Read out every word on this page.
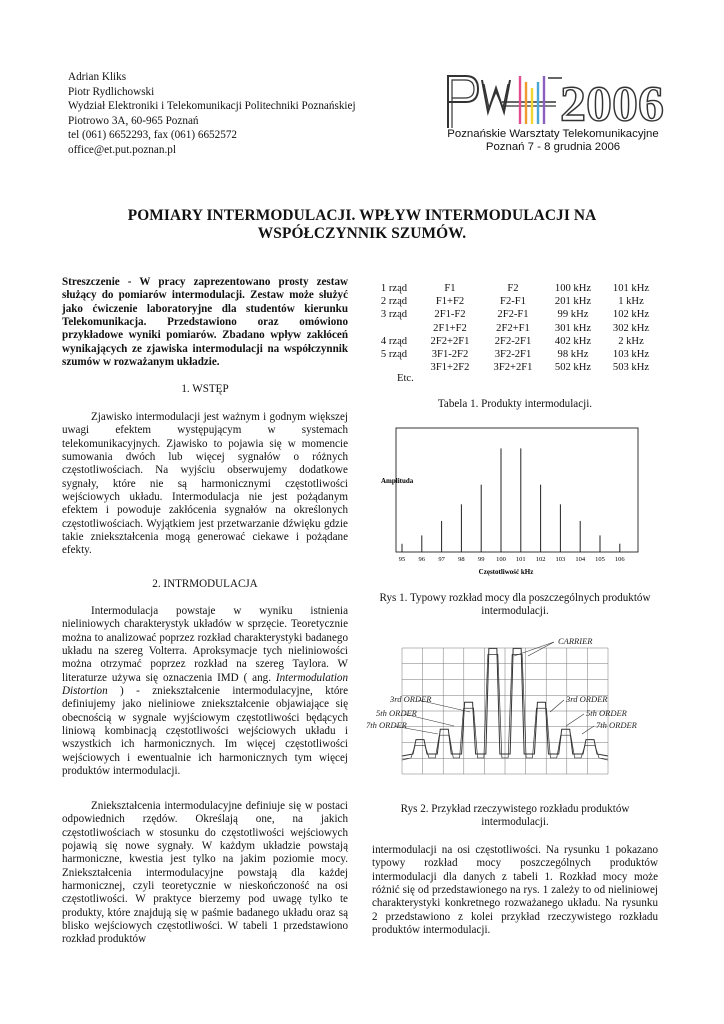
Adrian Kliks
Piotr Rydlichowski
Wydział Elektroniki i Telekomunikacji Politechniki Poznańskiej
Piotrowo 3A, 60-965 Poznań
tel (061) 6652293, fax (061) 6652572
office@et.put.poznan.pl
2006
Poznańskie Warsztaty Telekomunikacyjne
Poznań 7 - 8 grudnia 2006
POMIARY INTERMODULACJI. WPŁYW INTERMODULACJI NA
WSPÓŁCZYNNIK SZUMÓW.
Streszczenie - W pracy zaprezentowano prosty zestaw służący do pomiarów intermodulacji. Zestaw może służyć jako ćwiczenie laboratoryjne dla studentów kierunku Telekomunikacja. Przedstawiono oraz omówiono przykładowe wyniki pomiarów. Zbadano wpływ zakłóceń wynikających ze zjawiska intermodulacji na współczynnik szumów w rozważanym układzie.
1. WSTĘP

Zjawisko intermodulacji jest ważnym i godnym większej uwagi efektem występującym w systemach telekomunikacyjnych. Zjawisko to pojawia się w momencie sumowania dwóch lub więcej sygnałów o różnych częstotliwościach. Na wyjściu obserwujemy dodatkowe sygnały, które nie są harmonicznymi częstotliwości wejściowych układu. Intermodulacja nie jest pożądanym efektem i powoduje zakłócenia sygnałów na określonych częstotliwościach. Wyjątkiem jest przetwarzanie dźwięku gdzie takie zniekształcenia mogą generować ciekawe i pożądane efekty.

2. INTRMODULACJA

Intermodulacja powstaje w wyniku istnienia nieliniowych charakterystyk układów w sprzęcie. Teoretycznie można to analizować poprzez rozkład charakterystyki badanego układu na szereg Volterra. Aproksymacje tych nieliniowości można otrzymać poprzez rozkład na szereg Taylora. W literaturze używa się oznaczenia IMD ( ang. Intermodulation Distortion ) - zniekształcenie intermodulacyjne, które definiujemy jako nieliniowe zniekształcenie objawiające się obecnością w sygnale wyjściowym częstotliwości będących liniową kombinacją częstotliwości wejściowych układu i wszystkich ich harmonicznych. Im więcej częstotliwości wejściowych i ewentualnie ich harmonicznych tym więcej produktów intermodulacji.

Zniekształcenia intermodulacyjne definiuje się w postaci odpowiednich rzędów. Określają one, na jakich częstotliwościach w stosunku do częstotliwości wejściowych pojawią się nowe sygnały. W każdym układzie powstają harmoniczne, kwestia jest tylko na jakim poziomie mocy. Zniekształcenia intermodulacyjne powstają dla każdej harmonicznej, czyli teoretycznie w nieskończoność na osi częstotliwości. W praktyce bierzemy pod uwagę tylko te produkty, które znajdują się w paśmie badanego układu oraz są blisko wejściowych częstotliwości. W tabeli 1 przedstawiono rozkład produktów

1 rząd	F1	F2	100 kHz	101 kHz
2 rząd	F1+F2	F2-F1	201 kHz	1 kHz
3 rząd	2F1-F2	2F2-F1	99 kHz	102 kHz
	2F1+F2	2F2+F1	301 kHz	302 kHz
4 rząd	2F2+2F1	2F2-2F1	402 kHz	2 kHz
5 rząd	3F1-2F2	3F2-2F1	98 kHz	103 kHz
	3F1+2F2	3F2+2F1	502 kHz	503 kHz
Etc.
Tabela 1. Produkty intermodulacji.
95 96 97 98 99 100 101 102 103 104 105 106
Amplituda
Częstotliwość kHz
Rys 1. Typowy rozkład mocy dla poszczególnych produktów intermodulacji.
CARRIER
3rd ORDER
5th ORDER
7th ORDER
3rd ORDER
5th ORDER
7th ORDER
Rys 2. Przykład rzeczywistego rozkładu produktów intermodulacji.

intermodulacji na osi częstotliwości. Na rysunku 1 pokazano typowy rozkład mocy poszczególnych produktów intermodulacji dla danych z tabeli 1. Rozkład mocy może różnić się od przedstawionego na rys. 1 zależy to od nieliniowej charakterystyki konkretnego rozważanego układu. Na rysunku 2 przedstawiono z kolei przykład rzeczywistego rozkładu produktów intermodulacji.
